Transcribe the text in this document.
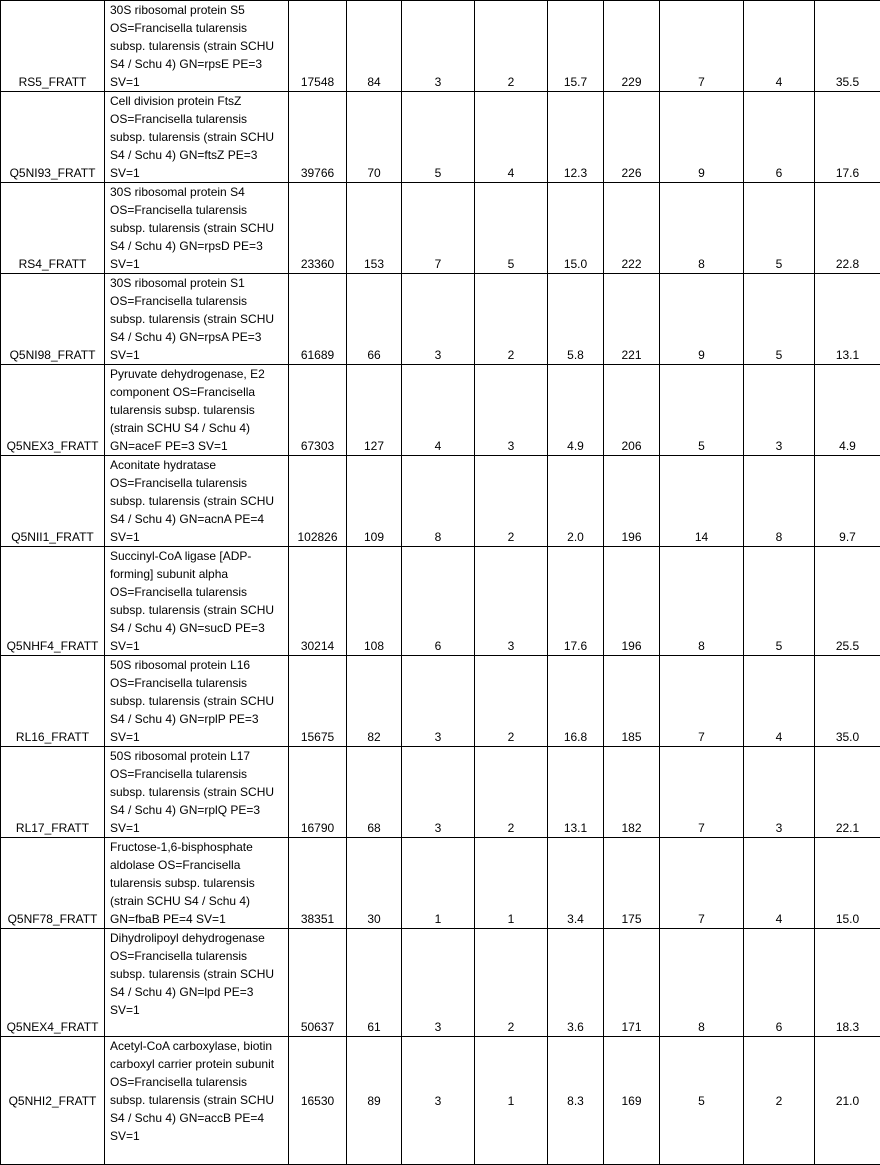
RS5_FRATT	30S ribosomal protein S5 OS=Francisella tularensis subsp. tularensis (strain SCHU S4 / Schu 4) GN=rpsE PE=3 SV=1	17548	84	3	2	15.7	229	7	4	35.5
Q5NI93_FRATT	Cell division protein FtsZ OS=Francisella tularensis subsp. tularensis (strain SCHU S4 / Schu 4) GN=ftsZ PE=3 SV=1	39766	70	5	4	12.3	226	9	6	17.6
RS4_FRATT	30S ribosomal protein S4 OS=Francisella tularensis subsp. tularensis (strain SCHU S4 / Schu 4) GN=rpsD PE=3 SV=1	23360	153	7	5	15.0	222	8	5	22.8
Q5NI98_FRATT	30S ribosomal protein S1 OS=Francisella tularensis subsp. tularensis (strain SCHU S4 / Schu 4) GN=rpsA PE=3 SV=1	61689	66	3	2	5.8	221	9	5	13.1
Q5NEX3_FRATT	Pyruvate dehydrogenase, E2 component OS=Francisella tularensis subsp. tularensis (strain SCHU S4 / Schu 4) GN=aceF PE=3 SV=1	67303	127	4	3	4.9	206	5	3	4.9
Q5NII1_FRATT	Aconitate hydratase OS=Francisella tularensis subsp. tularensis (strain SCHU S4 / Schu 4) GN=acnA PE=4 SV=1	102826	109	8	2	2.0	196	14	8	9.7
Q5NHF4_FRATT	Succinyl-CoA ligase [ADP-forming] subunit alpha OS=Francisella tularensis subsp. tularensis (strain SCHU S4 / Schu 4) GN=sucD PE=3 SV=1	30214	108	6	3	17.6	196	8	5	25.5
RL16_FRATT	50S ribosomal protein L16 OS=Francisella tularensis subsp. tularensis (strain SCHU S4 / Schu 4) GN=rplP PE=3 SV=1	15675	82	3	2	16.8	185	7	4	35.0
RL17_FRATT	50S ribosomal protein L17 OS=Francisella tularensis subsp. tularensis (strain SCHU S4 / Schu 4) GN=rplQ PE=3 SV=1	16790	68	3	2	13.1	182	7	3	22.1
Q5NF78_FRATT	Fructose-1,6-bisphosphate aldolase OS=Francisella tularensis subsp. tularensis (strain SCHU S4 / Schu 4) GN=fbaB PE=4 SV=1	38351	30	1	1	3.4	175	7	4	15.0
Q5NEX4_FRATT	Dihydrolipoyl dehydrogenase OS=Francisella tularensis subsp. tularensis (strain SCHU S4 / Schu 4) GN=lpd PE=3 SV=1	50637	61	3	2	3.6	171	8	6	18.3
Q5NHI2_FRATT	Acetyl-CoA carboxylase, biotin carboxyl carrier protein subunit OS=Francisella tularensis subsp. tularensis (strain SCHU S4 / Schu 4) GN=accB PE=4 SV=1	16530	89	3	1	8.3	169	5	2	21.0
